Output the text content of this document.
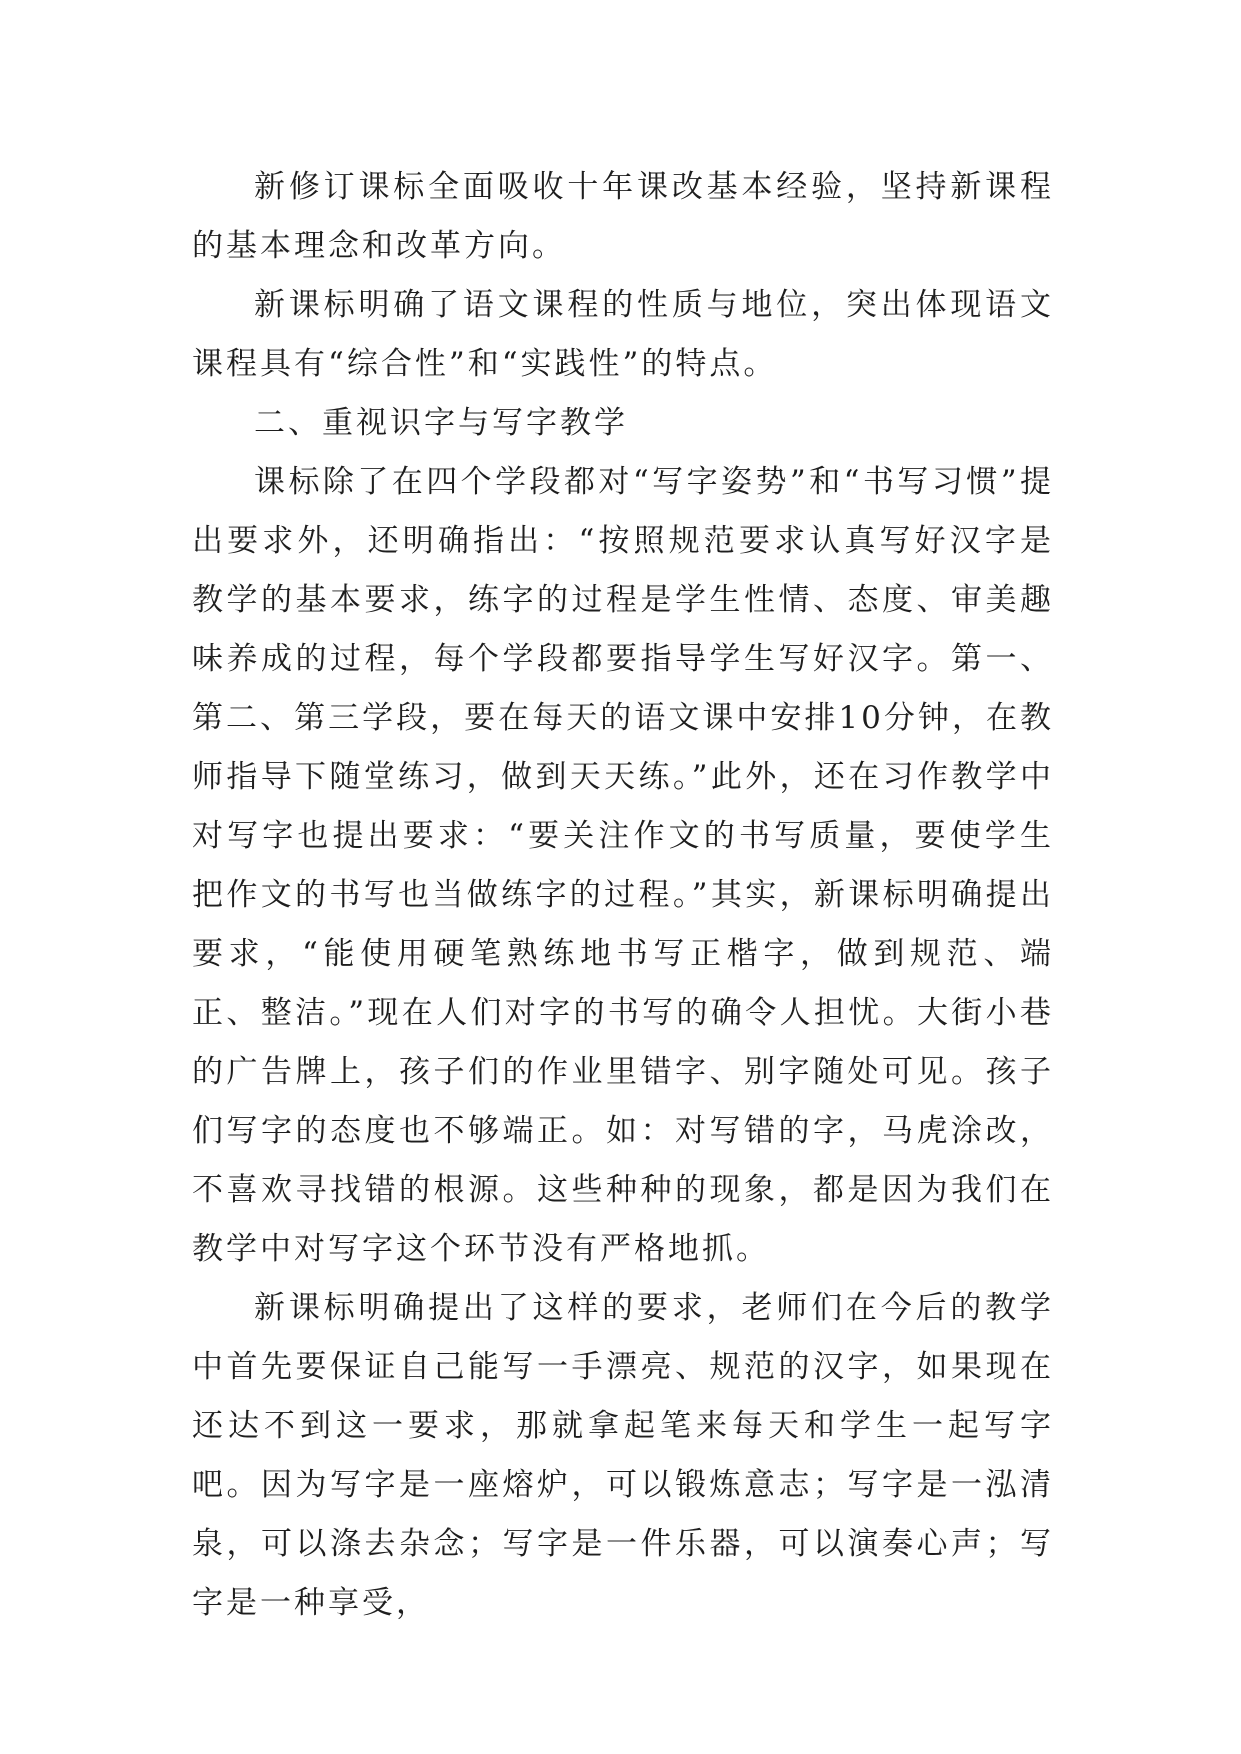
新修订课标全面吸收十年课改基本经验，坚持新课程的基本理念和改革方向。

新课标明确了语文课程的性质与地位，突出体现语文课程具有“综合性”和“实践性”的特点。

二、重视识字与写字教学

课标除了在四个学段都对“写字姿势”和“书写习惯”提出要求外，还明确指出：“按照规范要求认真写好汉字是教学的基本要求，练字的过程是学生性情、态度、审美趣味养成的过程，每个学段都要指导学生写好汉字。第一、第二、第三学段，要在每天的语文课中安排10分钟，在教师指导下随堂练习，做到天天练。”此外，还在习作教学中对写字也提出要求：“要关注作文的书写质量，要使学生把作文的书写也当做练字的过程。”其实，新课标明确提出要求，“能使用硬笔熟练地书写正楷字，做到规范、端正、整洁。”现在人们对字的书写的确令人担忧。大街小巷的广告牌上，孩子们的作业里错字、别字随处可见。孩子们写字的态度也不够端正。如：对写错的字，马虎涂改，不喜欢寻找错的根源。这些种种的现象，都是因为我们在教学中对写字这个环节没有严格地抓。

新课标明确提出了这样的要求，老师们在今后的教学中首先要保证自己能写一手漂亮、规范的汉字，如果现在还达不到这一要求，那就拿起笔来每天和学生一起写字吧。因为写字是一座熔炉，可以锻炼意志；写字是一泓清泉，可以涤去杂念；写字是一件乐器，可以演奏心声；写字是一种享受，
